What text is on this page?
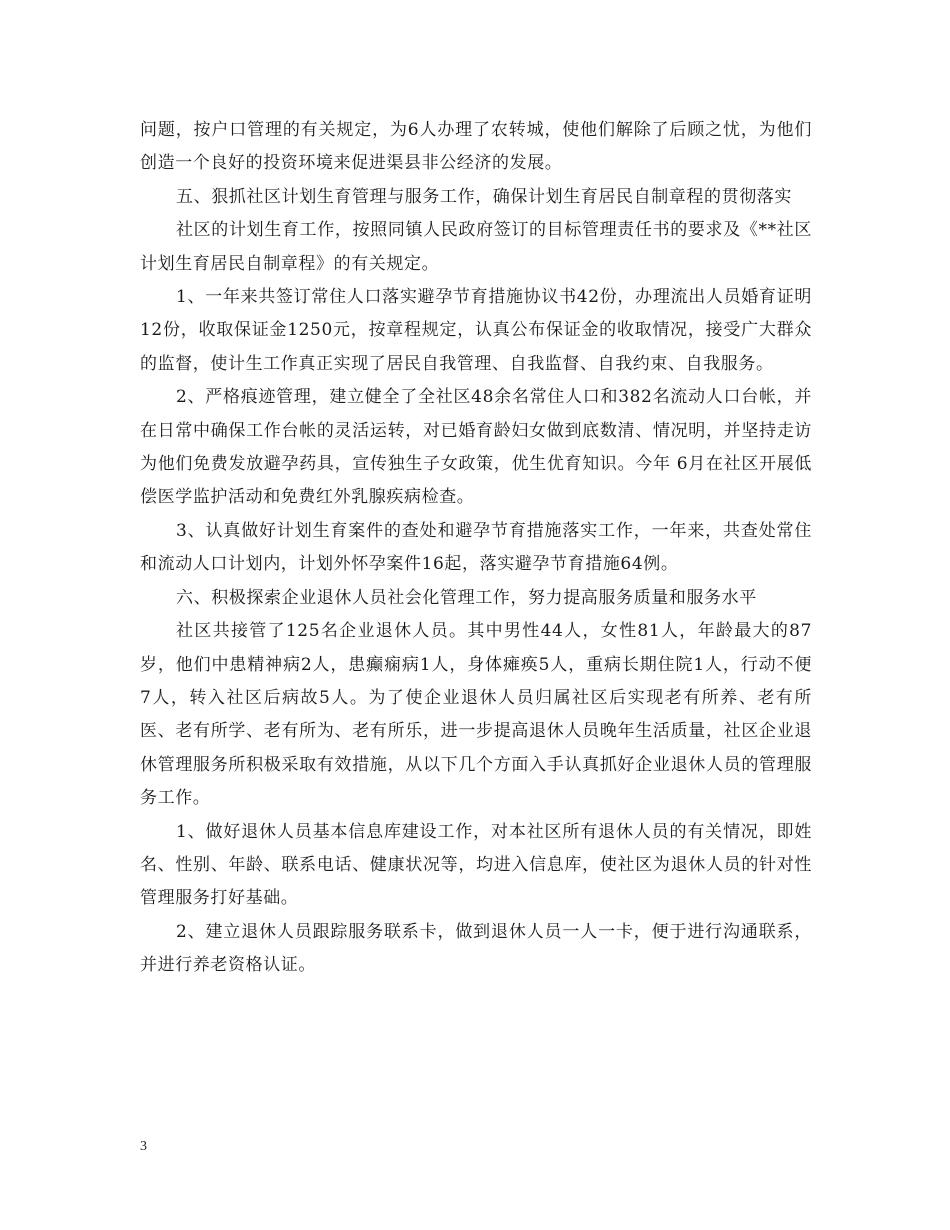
问题，按户口管理的有关规定，为6人办理了农转城，使他们解除了后顾之忧，为他们创造一个良好的投资环境来促进渠县非公经济的发展。

五、狠抓社区计划生育管理与服务工作，确保计划生育居民自制章程的贯彻落实

社区的计划生育工作，按照同镇人民政府签订的目标管理责任书的要求及《**社区计划生育居民自制章程》的有关规定。

1、一年来共签订常住人口落实避孕节育措施协议书42份，办理流出人员婚育证明12份，收取保证金1250元，按章程规定，认真公布保证金的收取情况，接受广大群众的监督，使计生工作真正实现了居民自我管理、自我监督、自我约束、自我服务。

2、严格痕迹管理，建立健全了全社区48余名常住人口和382名流动人口台帐，并在日常中确保工作台帐的灵活运转，对已婚育龄妇女做到底数清、情况明，并坚持走访为他们免费发放避孕药具，宣传独生子女政策，优生优育知识。今年 6月在社区开展低偿医学监护活动和免费红外乳腺疾病检查。

3、认真做好计划生育案件的查处和避孕节育措施落实工作，一年来，共查处常住和流动人口计划内，计划外怀孕案件16起，落实避孕节育措施64例。

六、积极探索企业退休人员社会化管理工作，努力提高服务质量和服务水平

社区共接管了125名企业退休人员。其中男性44人，女性81人，年龄最大的87岁，他们中患精神病2人，患癫痫病1人，身体瘫痪5人，重病长期住院1人，行动不便7人，转入社区后病故5人。为了使企业退休人员归属社区后实现老有所养、老有所医、老有所学、老有所为、老有所乐，进一步提高退休人员晚年生活质量，社区企业退休管理服务所积极采取有效措施，从以下几个方面入手认真抓好企业退休人员的管理服务工作。

1、做好退休人员基本信息库建设工作，对本社区所有退休人员的有关情况，即姓名、性别、年龄、联系电话、健康状况等，均进入信息库，使社区为退休人员的针对性管理服务打好基础。

2、建立退休人员跟踪服务联系卡，做到退休人员一人一卡，便于进行沟通联系，并进行养老资格认证。

3
